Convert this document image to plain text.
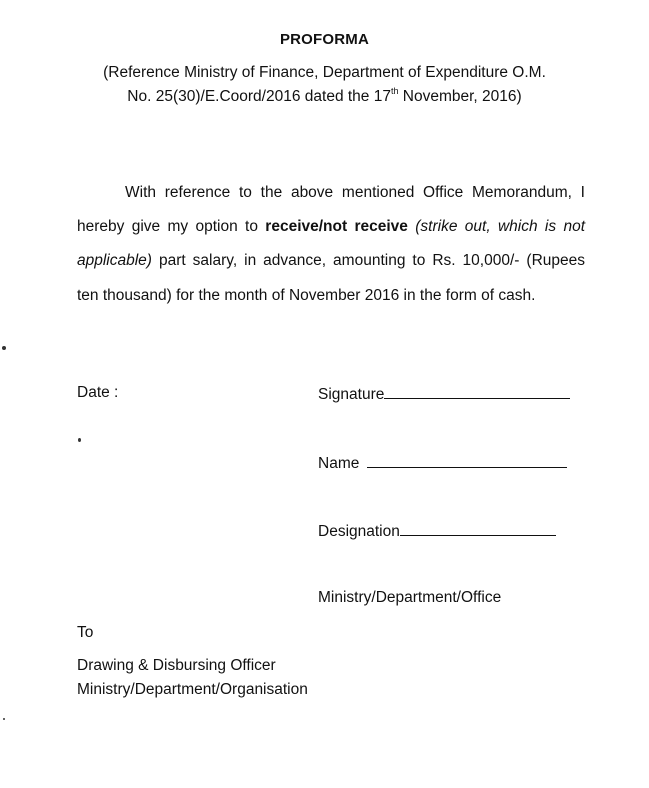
PROFORMA
(Reference Ministry of Finance, Department of Expenditure O.M.
No. 25(30)/E.Coord/2016 dated the 17th November, 2016)
With reference to the above mentioned Office Memorandum, I hereby give my option to receive/not receive (strike out, which is not applicable) part salary, in advance, amounting to Rs. 10,000/- (Rupees ten thousand) for the month of November 2016 in the form of cash.
Date :	Signature
Name
Designation
Ministry/Department/Office
To
Drawing & Disbursing Officer
Ministry/Department/Organisation
